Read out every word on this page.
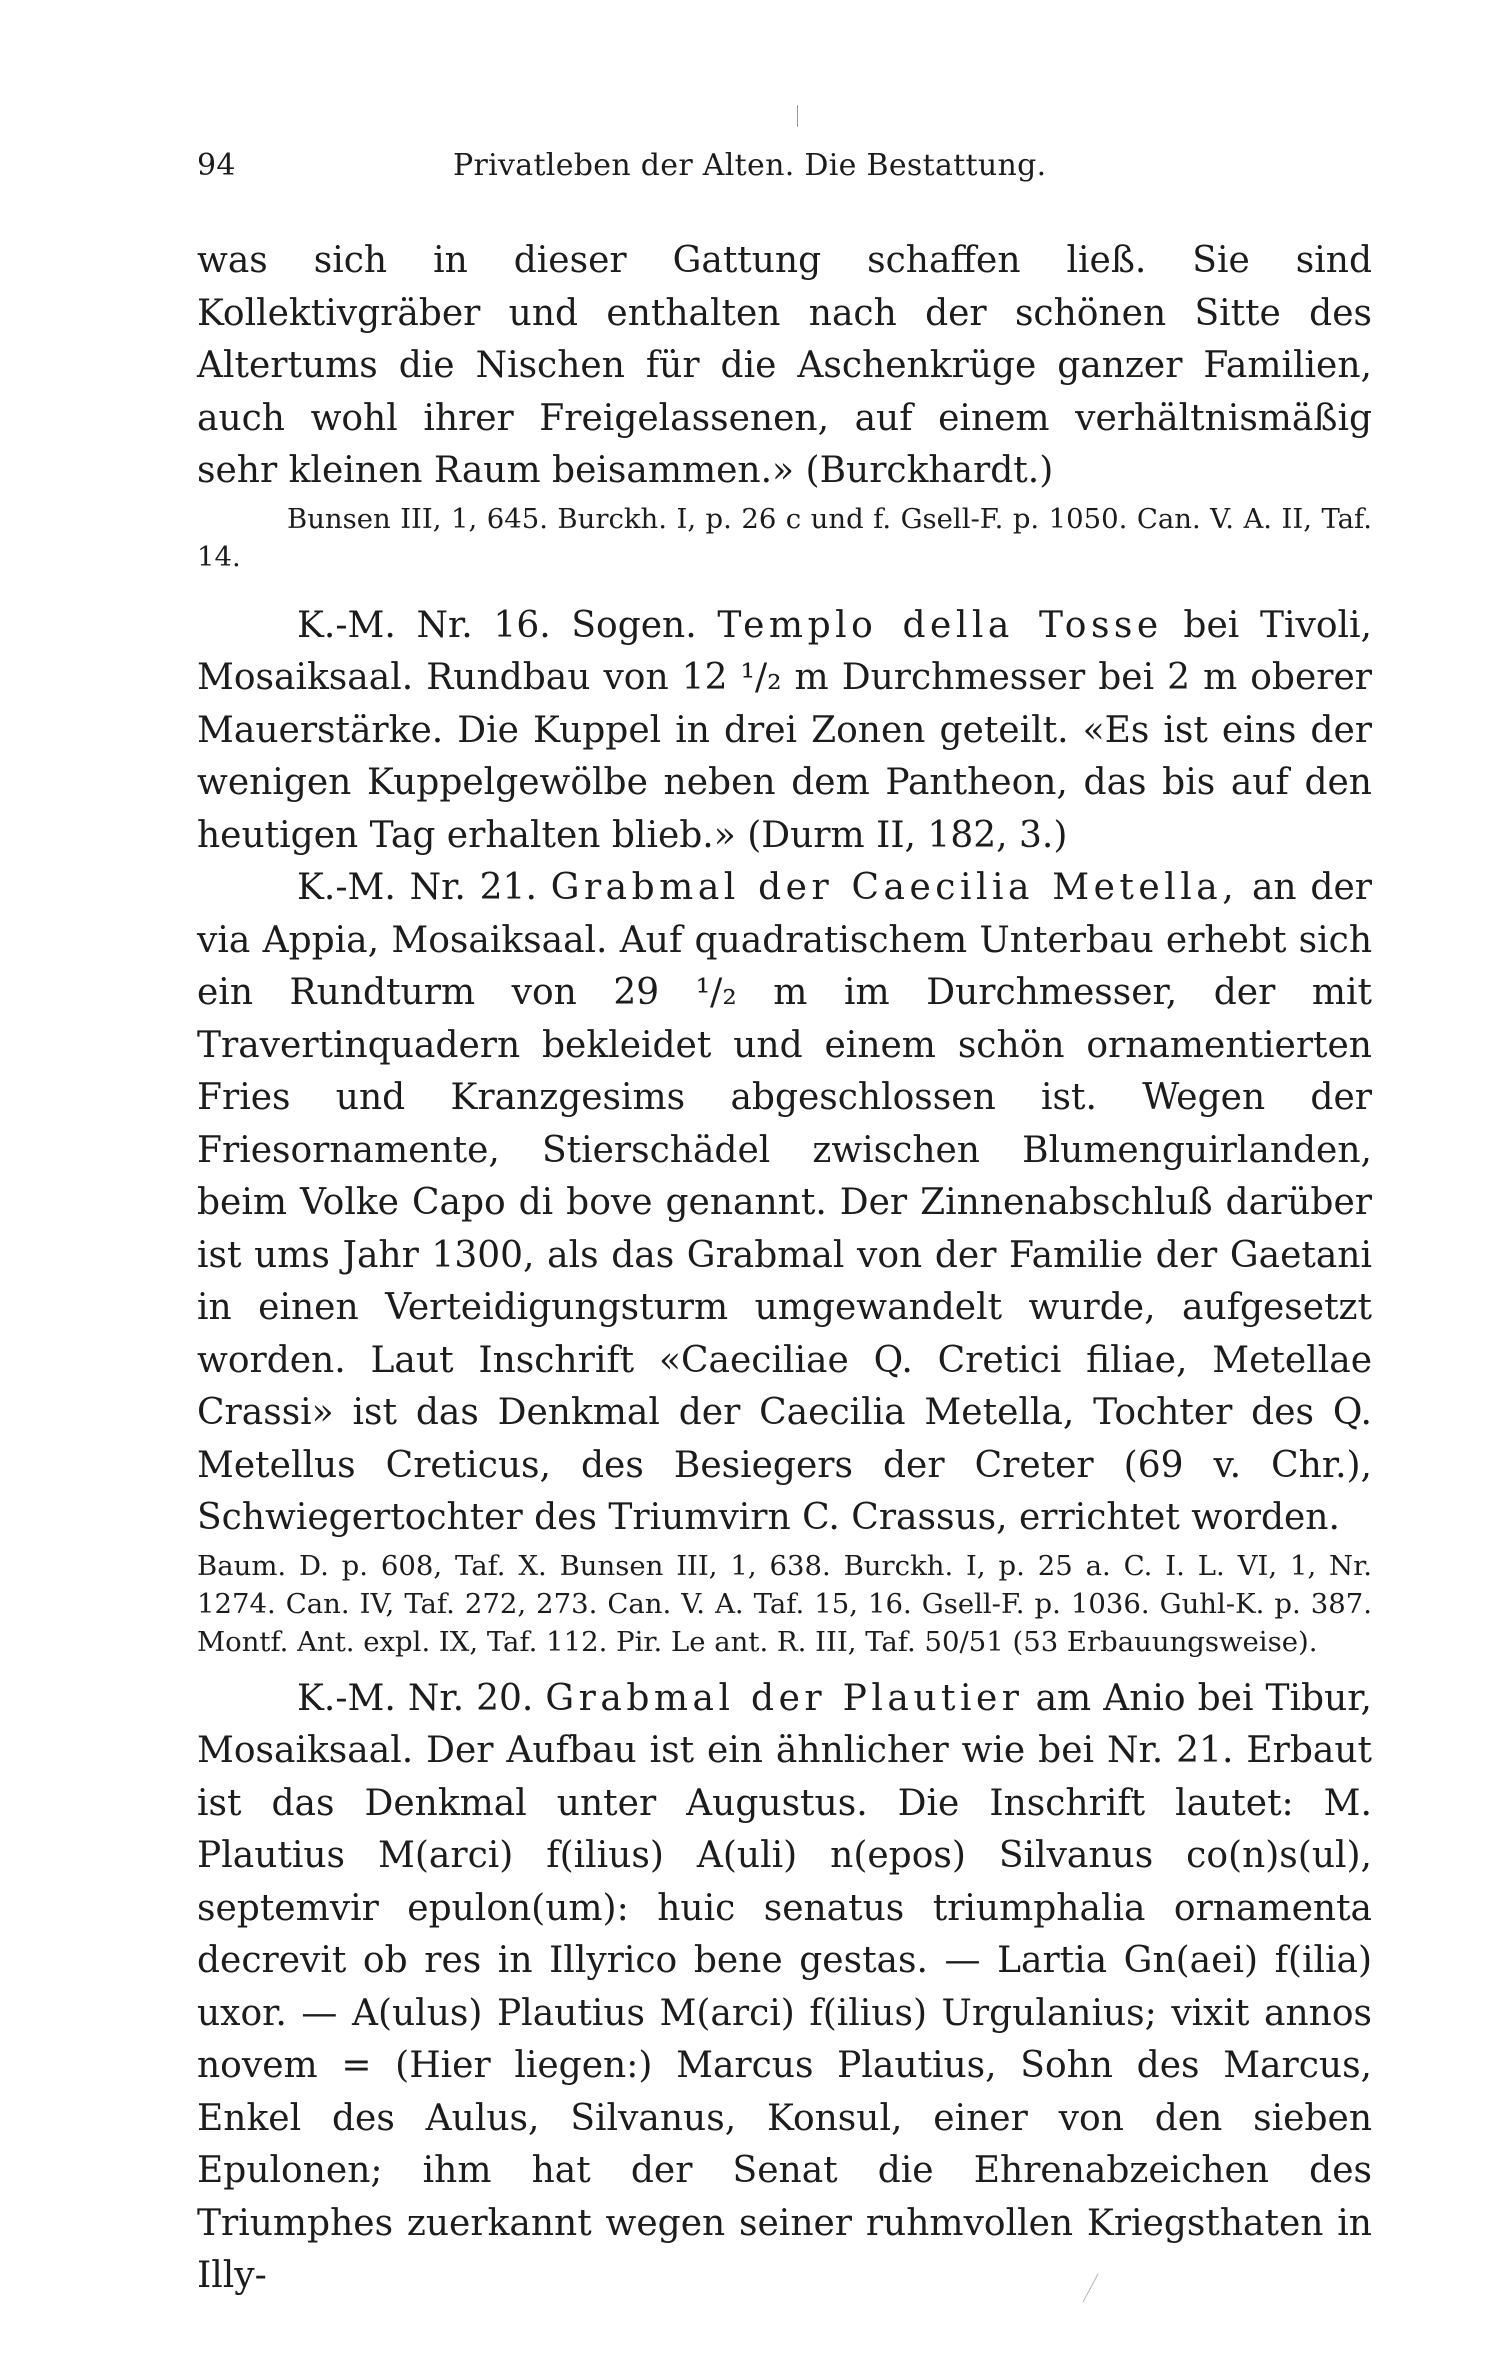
94	Privatleben der Alten. Die Bestattung.

was sich in dieser Gattung schaffen ließ. Sie sind Kollektivgräber und enthalten nach der schönen Sitte des Altertums die Nischen für die Aschenkrüge ganzer Familien, auch wohl ihrer Freigelassenen, auf einem verhältnismäßig sehr kleinen Raum beisammen.» (Burckhardt.)

Bunsen III, 1, 645. Burckh. I, p. 26 c und f. Gsell-F. p. 1050. Can. V. A. II, Taf. 14.

K.-M. Nr. 16. Sogen. Templo della Tosse bei Tivoli, Mosaiksaal. Rundbau von 12 ¹/₂ m Durchmesser bei 2 m oberer Mauerstärke. Die Kuppel in drei Zonen geteilt. «Es ist eins der wenigen Kuppelgewölbe neben dem Pantheon, das bis auf den heutigen Tag erhalten blieb.» (Durm II, 182, 3.)

K.-M. Nr. 21. Grabmal der Caecilia Metella, an der via Appia, Mosaiksaal. Auf quadratischem Unterbau erhebt sich ein Rundturm von 29 ¹/₂ m im Durchmesser, der mit Travertinquadern bekleidet und einem schön ornamentierten Fries und Kranzgesims abgeschlossen ist. Wegen der Friesornamente, Stierschädel zwischen Blumenguirlanden, beim Volke Capo di bove genannt. Der Zinnenabschluß darüber ist ums Jahr 1300, als das Grabmal von der Familie der Gaetani in einen Verteidigungsturm umgewandelt wurde, aufgesetzt worden. Laut Inschrift «Caeciliae Q. Cretici filiae, Metellae Crassi» ist das Denkmal der Caecilia Metella, Tochter des Q. Metellus Creticus, des Besiegers der Creter (69 v. Chr.), Schwiegertochter des Triumvirn C. Crassus, errichtet worden.

Baum. D. p. 608, Taf. X. Bunsen III, 1, 638. Burckh. I, p. 25 a. C. I. L. VI, 1, Nr. 1274. Can. IV, Taf. 272, 273. Can. V. A. Taf. 15, 16. Gsell-F. p. 1036. Guhl-K. p. 387. Montf. Ant. expl. IX, Taf. 112. Pir. Le ant. R. III, Taf. 50/51 (53 Erbauungsweise).

K.-M. Nr. 20. Grabmal der Plautier am Anio bei Tibur, Mosaiksaal. Der Aufbau ist ein ähnlicher wie bei Nr. 21. Erbaut ist das Denkmal unter Augustus. Die Inschrift lautet: M. Plautius M(arci) f(ilius) A(uli) n(epos) Silvanus co(n)s(ul), septemvir epulon(um): huic senatus triumphalia ornamenta decrevit ob res in Illyrico bene gestas. — Lartia Gn(aei) f(ilia) uxor. — A(ulus) Plautius M(arci) f(ilius) Urgulanius; vixit annos novem = (Hier liegen:) Marcus Plautius, Sohn des Marcus, Enkel des Aulus, Silvanus, Konsul, einer von den sieben Epulonen; ihm hat der Senat die Ehrenabzeichen des Triumphes zuerkannt wegen seiner ruhmvollen Kriegsthaten in Illy-
